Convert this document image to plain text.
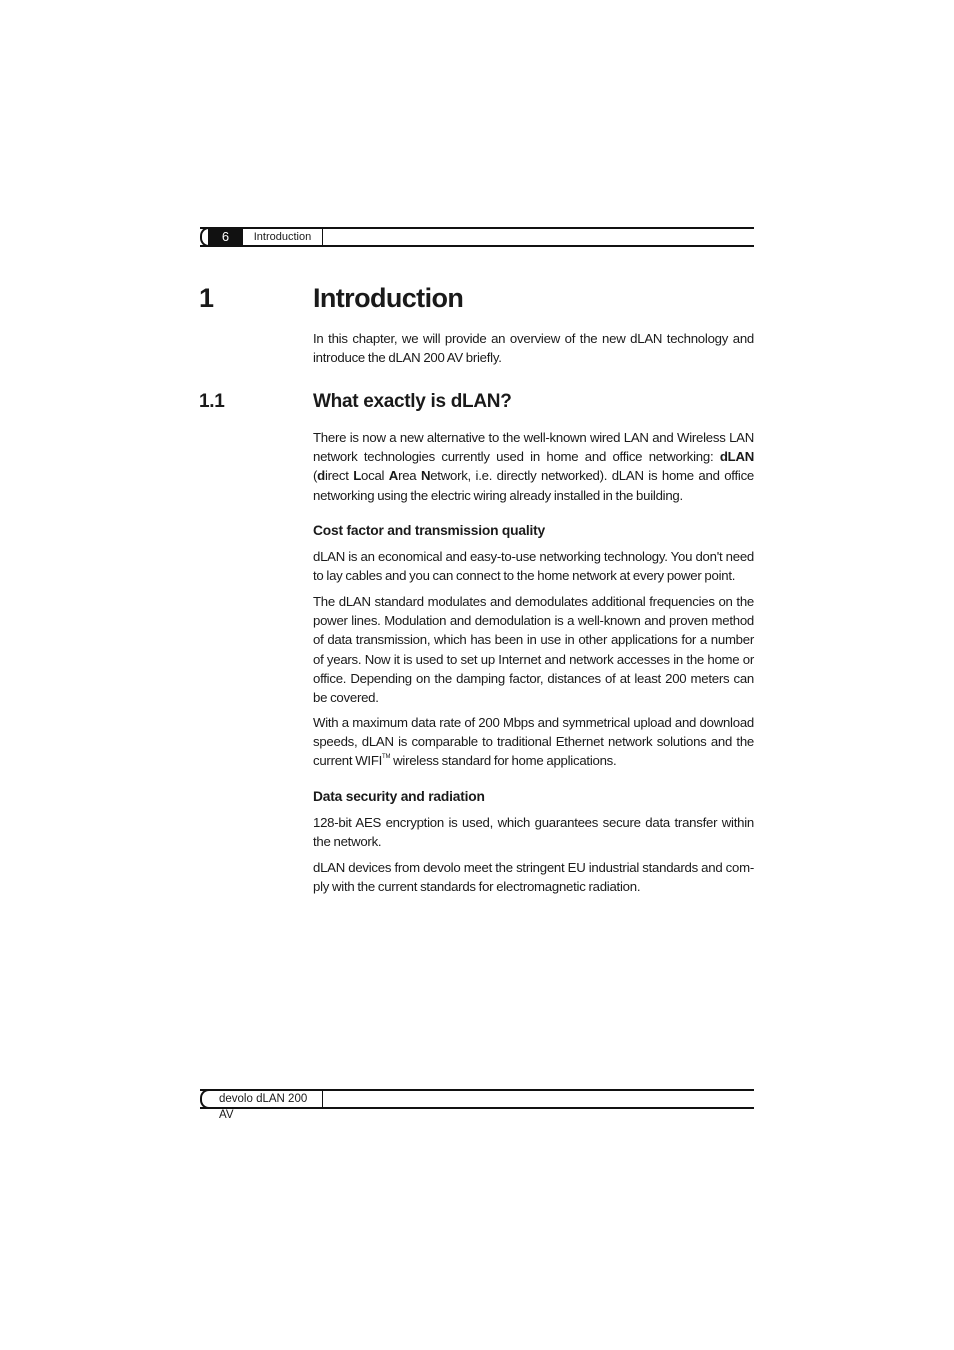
6	Introduction
1	Introduction
In this chapter, we will provide an overview of the new dLAN technology and introduce the dLAN 200 AV briefly.
1.1	What exactly is dLAN?
There is now a new alternative to the well-known wired LAN and Wireless LAN network technologies currently used in home and office networking: dLAN (direct Local Area Network, i.e. directly networked). dLAN is home and office networking using the electric wiring already installed in the building.
Cost factor and transmission quality
dLAN is an economical and easy-to-use networking technology. You don't need to lay cables and you can connect to the home network at every power point.
The dLAN standard modulates and demodulates additional frequencies on the power lines. Modulation and demodulation is a well-known and proven method of data transmission, which has been in use in other applications for a number of years. Now it is used to set up Internet and network accesses in the home or office. Depending on the damping factor, distances of at least 200 meters can be covered.
With a maximum data rate of 200 Mbps and symmetrical upload and download speeds, dLAN is comparable to traditional Ethernet network solutions and the current WIFI™ wireless standard for home applications.
Data security and radiation
128-bit AES encryption is used, which guarantees secure data transfer within the network.
dLAN devices from devolo meet the stringent EU industrial standards and com-ply with the current standards for electromagnetic radiation.
devolo dLAN 200 AV
